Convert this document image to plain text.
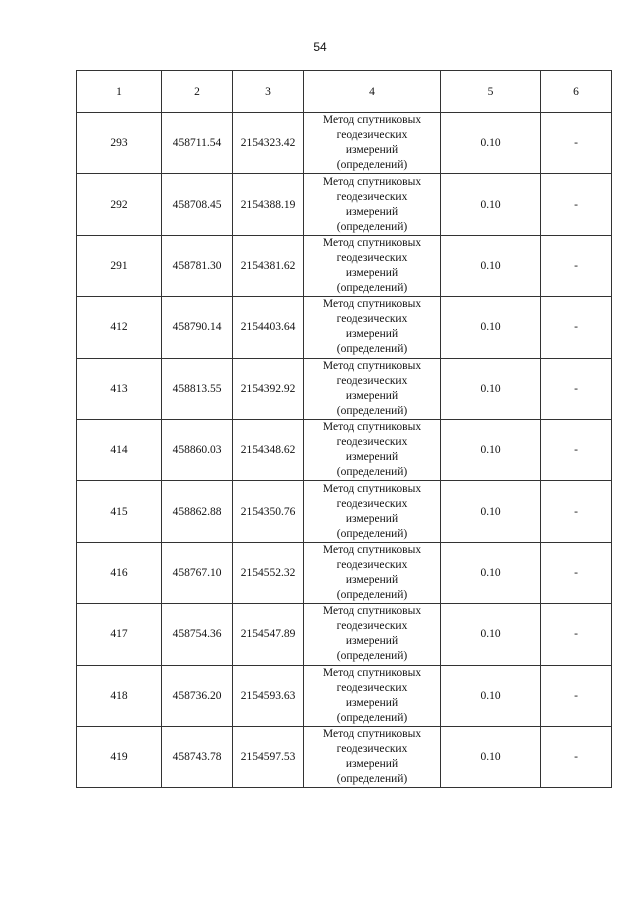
54
1	2	3	4	5	6
293	458711.54	2154323.42	Метод спутниковых
геодезических
измерений
(определений)	0.10	-
292	458708.45	2154388.19	Метод спутниковых
геодезических
измерений
(определений)	0.10	-
291	458781.30	2154381.62	Метод спутниковых
геодезических
измерений
(определений)	0.10	-
412	458790.14	2154403.64	Метод спутниковых
геодезических
измерений
(определений)	0.10	-
413	458813.55	2154392.92	Метод спутниковых
геодезических
измерений
(определений)	0.10	-
414	458860.03	2154348.62	Метод спутниковых
геодезических
измерений
(определений)	0.10	-
415	458862.88	2154350.76	Метод спутниковых
геодезических
измерений
(определений)	0.10	-
416	458767.10	2154552.32	Метод спутниковых
геодезических
измерений
(определений)	0.10	-
417	458754.36	2154547.89	Метод спутниковых
геодезических
измерений
(определений)	0.10	-
418	458736.20	2154593.63	Метод спутниковых
геодезических
измерений
(определений)	0.10	-
419	458743.78	2154597.53	Метод спутниковых
геодезических
измерений
(определений)	0.10	-
